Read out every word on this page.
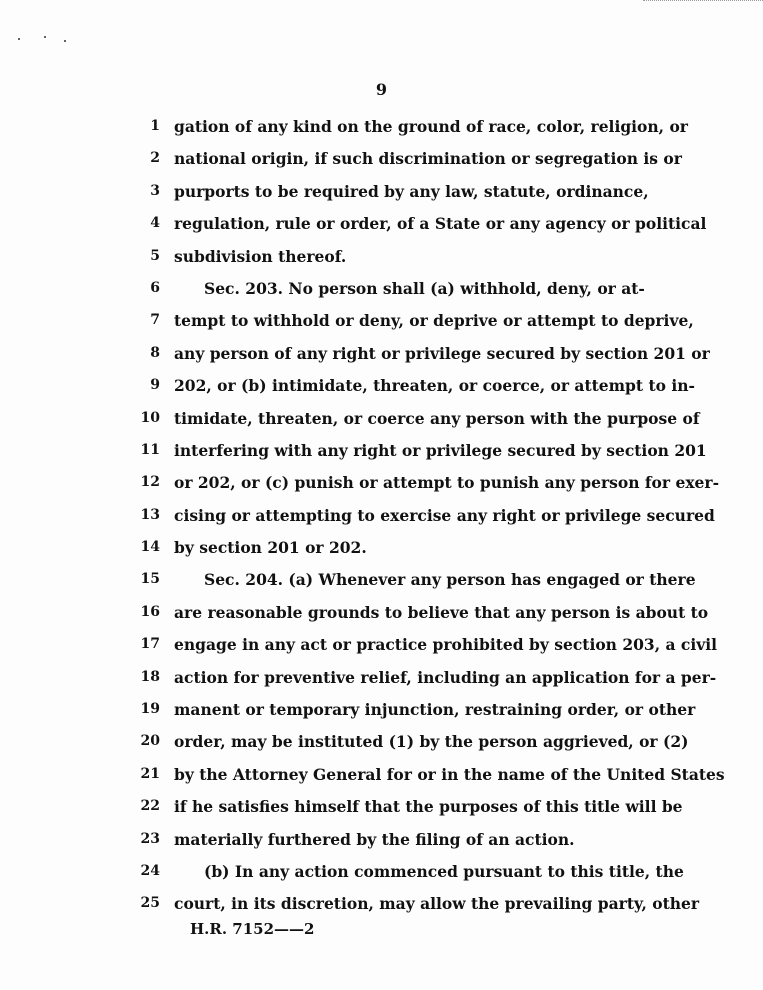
9
1 gation of any kind on the ground of race, color, religion, or
2 national origin, if such discrimination or segregation is or
3 purports to be required by any law, statute, ordinance,
4 regulation, rule or order, of a State or any agency or political
5 subdivision thereof.
6	Sec. 203. No person shall (a) withhold, deny, or at-
7 tempt to withhold or deny, or deprive or attempt to deprive,
8 any person of any right or privilege secured by section 201 or
9 202, or (b) intimidate, threaten, or coerce, or attempt to in-
10 timidate, threaten, or coerce any person with the purpose of
11 interfering with any right or privilege secured by section 201
12 or 202, or (c) punish or attempt to punish any person for exer-
13 cising or attempting to exercise any right or privilege secured
14 by section 201 or 202.
15	Sec. 204. (a) Whenever any person has engaged or there
16 are reasonable grounds to believe that any person is about to
17 engage in any act or practice prohibited by section 203, a civil
18 action for preventive relief, including an application for a per-
19 manent or temporary injunction, restraining order, or other
20 order, may be instituted (1) by the person aggrieved, or (2)
21 by the Attorney General for or in the name of the United States
22 if he satisfies himself that the purposes of this title will be
23 materially furthered by the filing of an action.
24	(b) In any action commenced pursuant to this title, the
25 court, in its discretion, may allow the prevailing party, other
H.R. 7152——2
